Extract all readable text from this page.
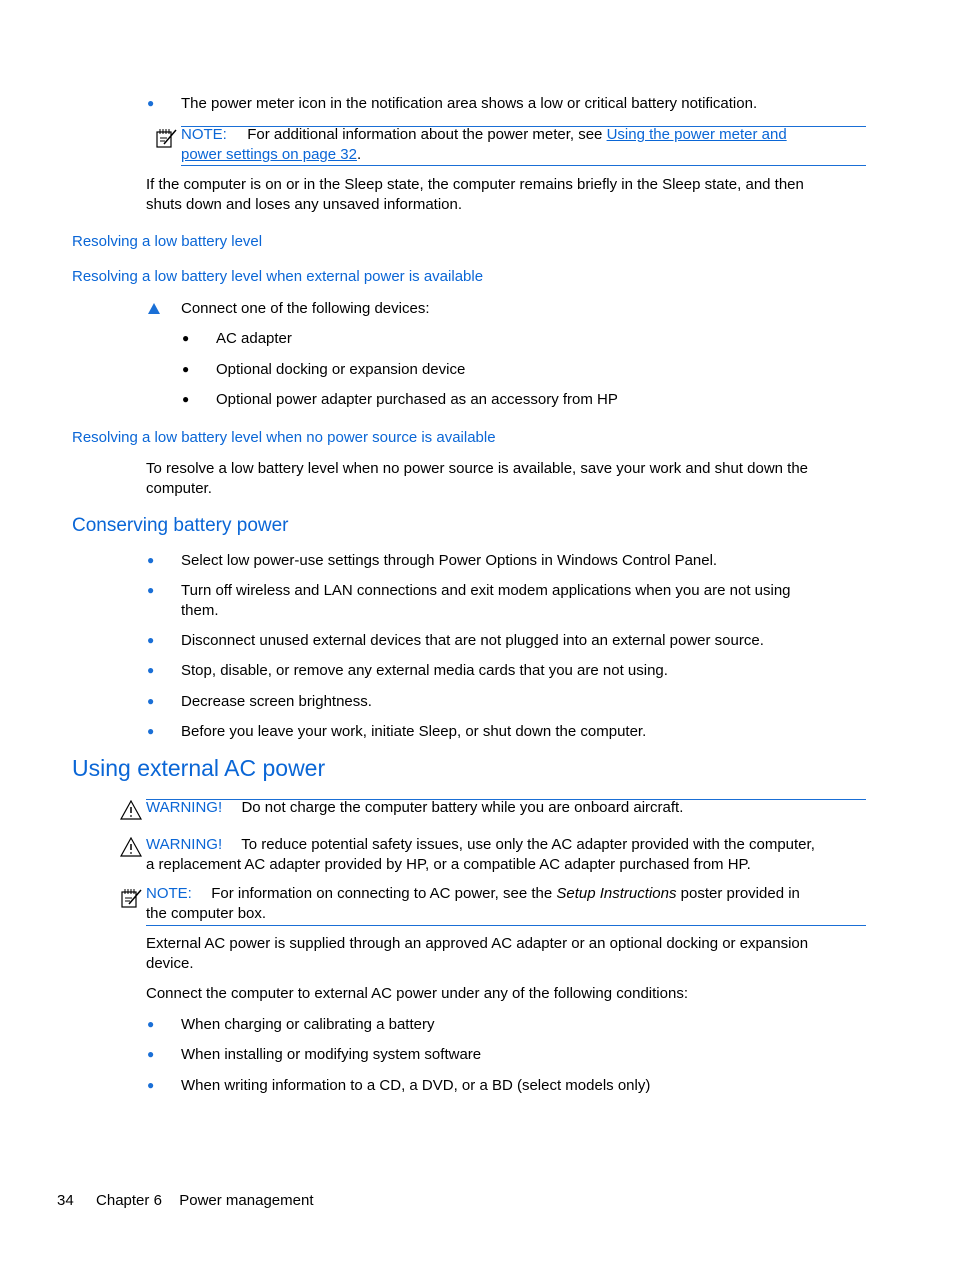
● The power meter icon in the notification area shows a low or critical battery notification.
NOTE: For additional information about the power meter, see Using the power meter and
power settings on page 32.
If the computer is on or in the Sleep state, the computer remains briefly in the Sleep state, and then
shuts down and loses any unsaved information.
Resolving a low battery level
Resolving a low battery level when external power is available
Connect one of the following devices:
● AC adapter
● Optional docking or expansion device
● Optional power adapter purchased as an accessory from HP
Resolving a low battery level when no power source is available
To resolve a low battery level when no power source is available, save your work and shut down the
computer.
Conserving battery power
● Select low power-use settings through Power Options in Windows Control Panel.
● Turn off wireless and LAN connections and exit modem applications when you are not using
them.
● Disconnect unused external devices that are not plugged into an external power source.
● Stop, disable, or remove any external media cards that you are not using.
● Decrease screen brightness.
● Before you leave your work, initiate Sleep, or shut down the computer.
Using external AC power
WARNING! Do not charge the computer battery while you are onboard aircraft.
WARNING! To reduce potential safety issues, use only the AC adapter provided with the computer,
a replacement AC adapter provided by HP, or a compatible AC adapter purchased from HP.
NOTE: For information on connecting to AC power, see the Setup Instructions poster provided in
the computer box.
External AC power is supplied through an approved AC adapter or an optional docking or expansion
device.
Connect the computer to external AC power under any of the following conditions:
● When charging or calibrating a battery
● When installing or modifying system software
● When writing information to a CD, a DVD, or a BD (select models only)
34 Chapter 6 Power management
